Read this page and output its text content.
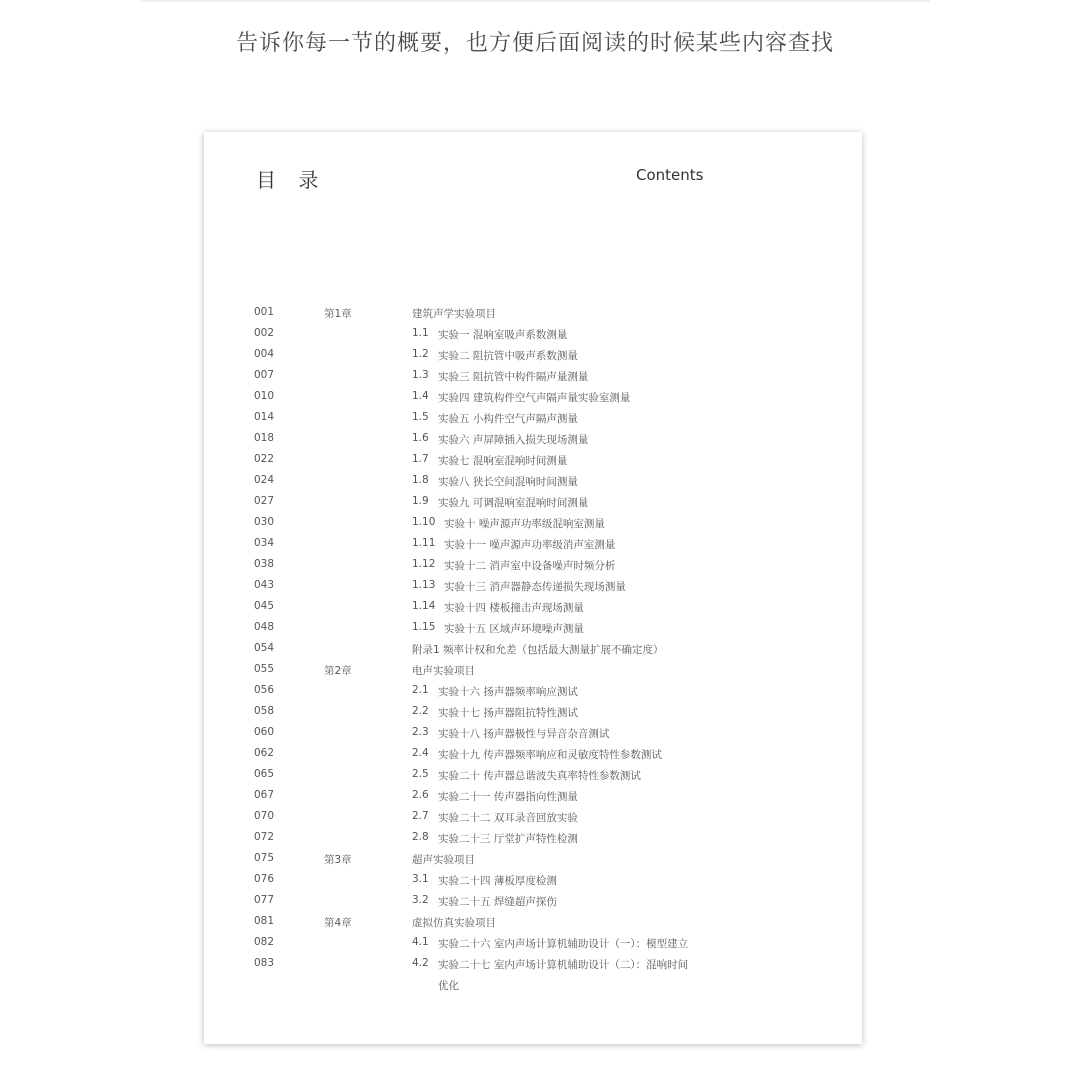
告诉你每一节的概要，也方便后面阅读的时候某些内容查找
目 录	Contents
001	第1章	建筑声学实验项目
002	1.1 实验一 混响室吸声系数测量
004	1.2 实验二 阻抗管中吸声系数测量
007	1.3 实验三 阻抗管中构件隔声量测量
010	1.4 实验四 建筑构件空气声隔声量实验室测量
014	1.5 实验五 小构件空气声隔声测量
018	1.6 实验六 声屏障插入损失现场测量
022	1.7 实验七 混响室混响时间测量
024	1.8 实验八 狭长空间混响时间测量
027	1.9 实验九 可调混响室混响时间测量
030	1.10 实验十 噪声源声功率级混响室测量
034	1.11 实验十一 噪声源声功率级消声室测量
038	1.12 实验十二 消声室中设备噪声时频分析
043	1.13 实验十三 消声器静态传递损失现场测量
045	1.14 实验十四 楼板撞击声现场测量
048	1.15 实验十五 区域声环境噪声测量
054	附录1 频率计权和允差（包括最大测量扩展不确定度）
055	第2章	电声实验项目
056	2.1 实验十六 扬声器频率响应测试
058	2.2 实验十七 扬声器阻抗特性测试
060	2.3 实验十八 扬声器极性与异音杂音测试
062	2.4 实验十九 传声器频率响应和灵敏度特性参数测试
065	2.5 实验二十 传声器总谐波失真率特性参数测试
067	2.6 实验二十一 传声器指向性测量
070	2.7 实验二十二 双耳录音回放实验
072	2.8 实验二十三 厅堂扩声特性检测
075	第3章	超声实验项目
076	3.1 实验二十四 薄板厚度检测
077	3.2 实验二十五 焊缝超声探伤
081	第4章	虚拟仿真实验项目
082	4.1 实验二十六 室内声场计算机辅助设计（一）：模型建立
083	4.2 实验二十七 室内声场计算机辅助设计（二）：混响时间
优化
